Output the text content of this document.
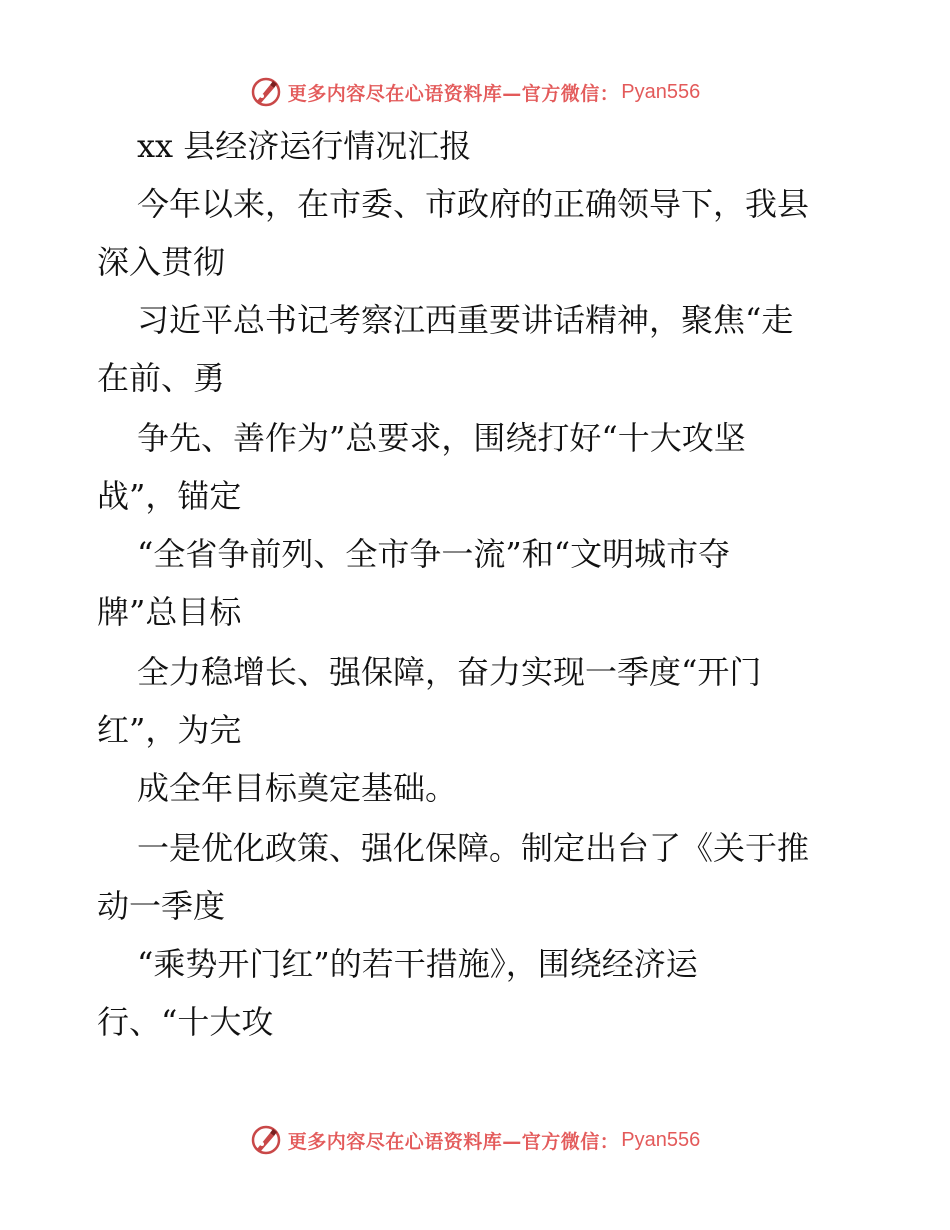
更多内容尽在心语资料库—官方微信： Pyan556
xx 县经济运行情况汇报
今年以来，在市委、市政府的正确领导下，我县
深入贯彻
习近平总书记考察江西重要讲话精神，聚焦“走
在前、勇
争先、善作为”总要求，围绕打好“十大攻坚
战”，锚定
“全省争前列、全市争一流”和“文明城市夺
牌”总目标
全力稳增长、强保障，奋力实现一季度“开门
红”，为完
成全年目标奠定基础。
一是优化政策、强化保障。制定出台了《关于推
动一季度
“乘势开门红”的若干措施》，围绕经济运
行、“十大攻
更多内容尽在心语资料库—官方微信： Pyan556
